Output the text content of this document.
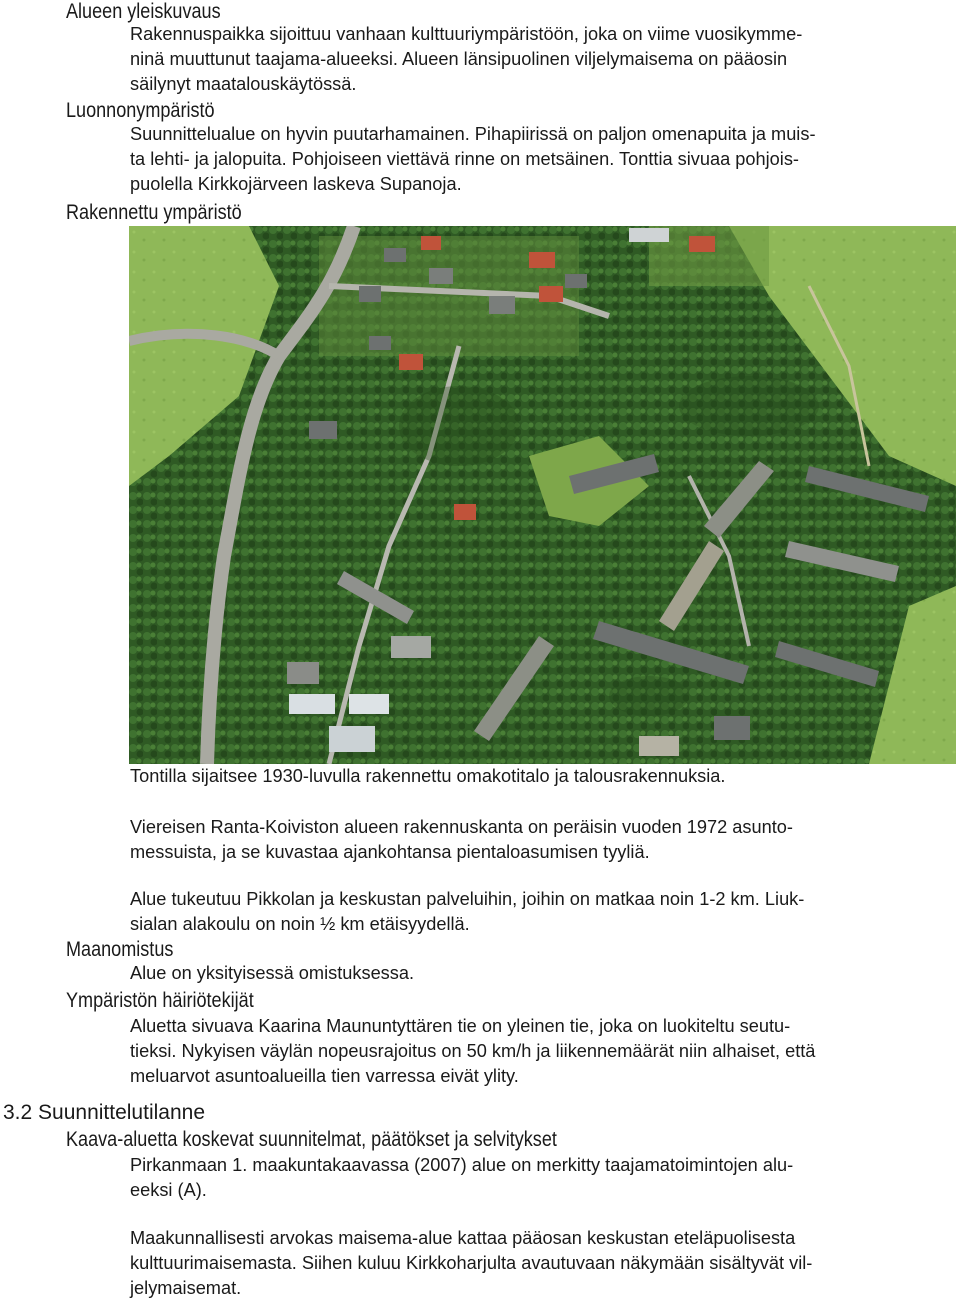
Alueen yleiskuvaus
Rakennuspaikka sijoittuu vanhaan kulttuuriympäristöön, joka on viime vuosikymme-
ninä muuttunut taajama-alueeksi. Alueen länsipuolinen viljelymaisema on pääosin
säilynyt maatalouskäytössä.
Luonnonympäristö
Suunnittelualue on hyvin puutarhamainen. Pihapiirissä on paljon omenapuita ja muis-
ta lehti- ja jalopuita. Pohjoiseen viettävä rinne on metsäinen. Tonttia sivuaa pohjois-
puolella Kirkkojärveen laskeva Supanoja.
Rakennettu ympäristö
Tontilla sijaitsee 1930-luvulla rakennettu omakotitalo ja talousrakennuksia.
Viereisen Ranta-Koiviston alueen rakennuskanta on peräisin vuoden 1972 asunto-
messuista, ja se kuvastaa ajankohtansa pientaloasumisen tyyliä.
Alue tukeutuu Pikkolan ja keskustan palveluihin, joihin on matkaa noin 1-2 km. Liuk-
sialan alakoulu on noin ½ km etäisyydellä.
Maanomistus
Alue on yksityisessä omistuksessa.
Ympäristön häiriötekijät
Aluetta sivuava Kaarina Maununtyttären tie on yleinen tie, joka on luokiteltu seutu-
tieksi. Nykyisen väylän nopeusrajoitus on 50 km/h ja liikennemäärät niin alhaiset, että
meluarvot asuntoalueilla tien varressa eivät ylity.
3.2 Suunnittelutilanne
Kaava-aluetta koskevat suunnitelmat, päätökset ja selvitykset
Pirkanmaan 1. maakuntakaavassa (2007) alue on merkitty taajamatoimintojen alu-
eeksi (A).
Maakunnallisesti arvokas maisema-alue kattaa pääosan keskustan eteläpuolisesta
kulttuurimaisemasta. Siihen kuluu Kirkkoharjulta avautuvaan näkymään sisältyvät vil-
jelymaisemat.
